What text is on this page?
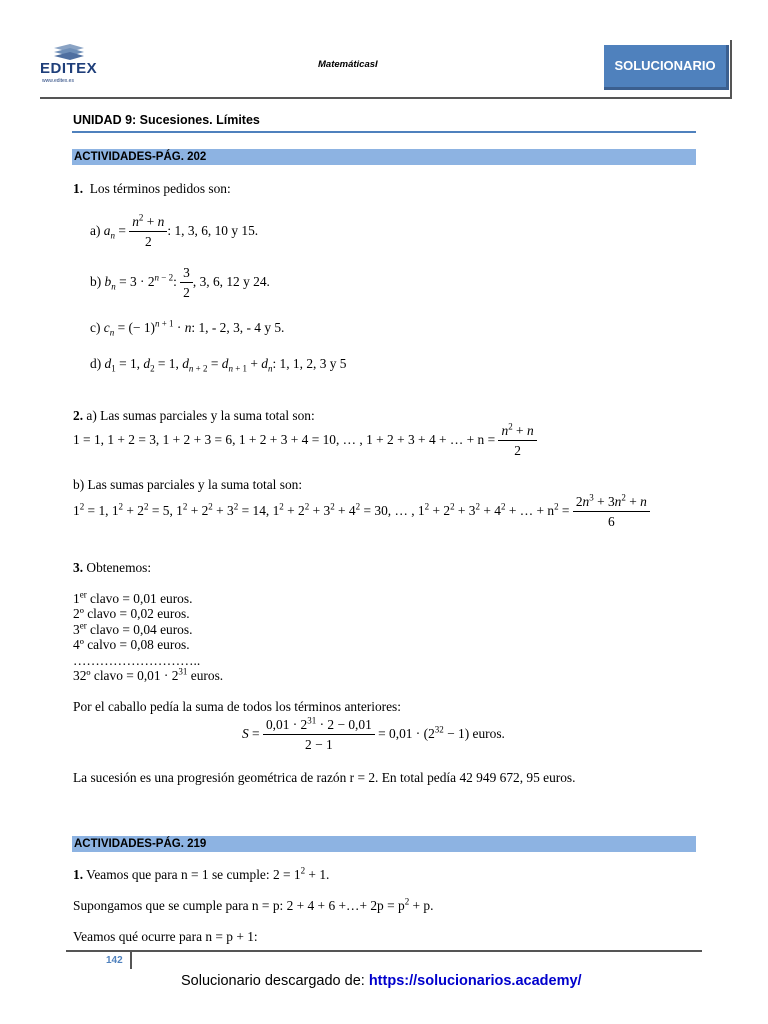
EDITEX
www.editex.es
MatemáticasI	SOLUCIONARIO
UNIDAD 9: Sucesiones. Límites
ACTIVIDADES-PÁG. 202
1. Los términos pedidos son:
a) $a_n = \frac{n^2 + n}{2}$ : 1, 3, 6, 10 y 15.
b) $b_n = 3 \cdot 2^{n - 2}$: $\frac{3}{2}$ , 3, 6, 12 y 24.
c) $c_n$ = (− 1)$^{n + 1}$ · n: 1, - 2, 3, - 4 y 5.
d) $d_1 = 1$, $d_2 = 1$, $d_n$ $_{+ 2} = d_n$ $_{+ 1} + d_n$: 1, 1, 2, 3 y 5
2. a) Las sumas parciales y la suma total son:
1 = 1, 1 + 2 = 3, 1 + 2 + 3 = 6, 1 + 2 + 3 + 4 = 10, … , 1 + 2 + 3 + 4 + … + $n = \frac{n^2 + n}{2}$
b) Las sumas parciales y la suma total son:
$1^2 = 1$, $1^2 + 2^2 = 5$, $1^2 + 2^2 + 3^2 = 14$, $1^2 + 2^2 + 3^2 + 4^2 = 30$, … , $1^2 + 2^2 + 3^2 + 4^2$ + … + $n^2 = \frac{2n^3 + 3n^2 + n}{6}$
3. Obtenemos:
1er clavo = 0,01 euros.
2º clavo = 0,02 euros.
3er clavo = 0,04 euros.
4º calvo = 0,08 euros.
………………………..
32º clavo = $0,01 \cdot 2^{31}$ euros.
Por el caballo pedía la suma de todos los términos anteriores:
$S = \frac{0,01 \cdot 2^{31} \cdot 2 - 0,01}{2 - 1} = 0,01 \cdot (2^{32} - 1)$ euros.
La sucesión es una progresión geométrica de razón r = 2. En total pedía 42 949 672, 95 euros.
ACTIVIDADES-PÁG. 219
1. Veamos que para n = 1 se cumple: $2 = 1^2 + 1$.
Supongamos que se cumple para n = p: 2 + 4 + 6 +…+ $2p = p^2 + p$.
Veamos qué ocurre para n = p + 1:
142
Solucionario descargado de: https://solucionarios.academy/
